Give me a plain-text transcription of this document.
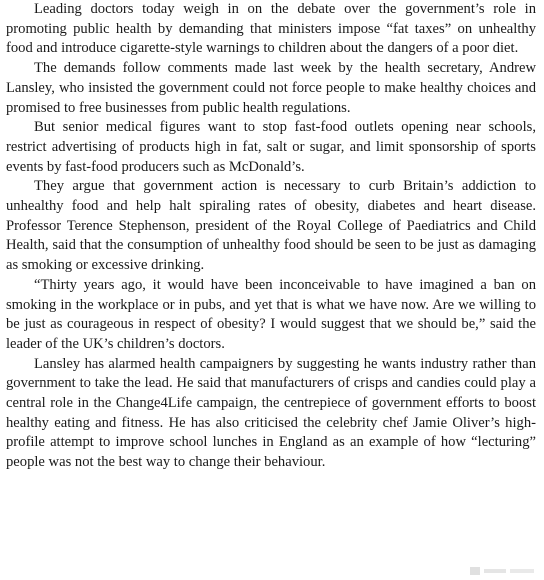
Leading doctors today weigh in on the debate over the government’s role in promoting public health by demanding that ministers impose “fat taxes” on unhealthy food and introduce cigarette-style warnings to children about the dangers of a poor diet.

The demands follow comments made last week by the health secretary, Andrew Lansley, who insisted the government could not force people to make healthy choices and promised to free businesses from public health regulations.

But senior medical figures want to stop fast-food outlets opening near schools, restrict advertising of products high in fat, salt or sugar, and limit sponsorship of sports events by fast-food producers such as McDonald’s.

They argue that government action is necessary to curb Britain’s addiction to unhealthy food and help halt spiraling rates of obesity, diabetes and heart disease. Professor Terence Stephenson, president of the Royal College of Paediatrics and Child Health, said that the consumption of unhealthy food should be seen to be just as damaging as smoking or excessive drinking.

“Thirty years ago, it would have been inconceivable to have imagined a ban on smoking in the workplace or in pubs, and yet that is what we have now. Are we willing to be just as courageous in respect of obesity? I would suggest that we should be,” said the leader of the UK’s children’s doctors.

Lansley has alarmed health campaigners by suggesting he wants industry rather than government to take the lead. He said that manufacturers of crisps and candies could play a central role in the Change4Life campaign, the centrepiece of government efforts to boost healthy eating and fitness. He has also criticised the celebrity chef Jamie Oliver’s high-profile attempt to improve school lunches in England as an example of how “lecturing” people was not the best way to change their behaviour.
